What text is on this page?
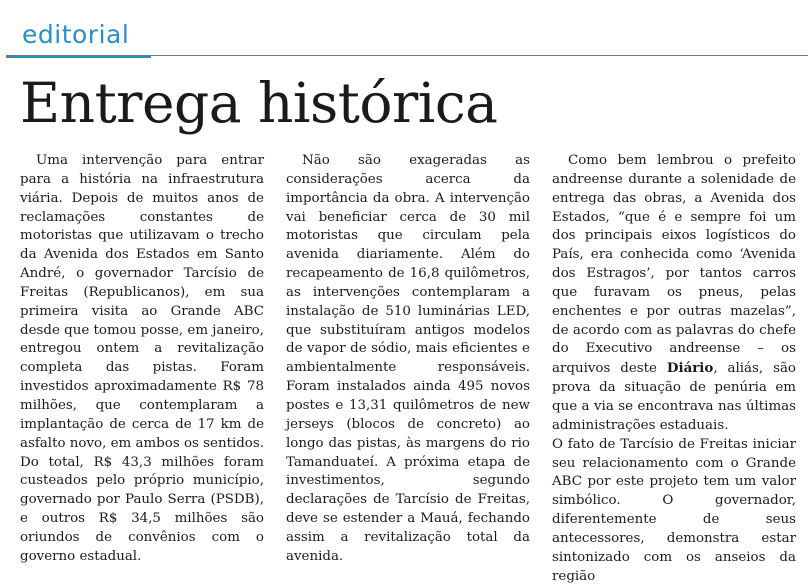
editorial
Entrega histórica

Uma intervenção para entrar para a história na infraestrutura viária. Depois de muitos anos de reclamações constantes de motoristas que utilizavam o trecho da Avenida dos Estados em Santo André, o governador Tarcísio de Freitas (Republicanos), em sua primeira visita ao Grande ABC desde que tomou posse, em janeiro, entregou ontem a revitalização completa das pistas. Foram investidos aproximadamente R$ 78 milhões, que contemplaram a implantação de cerca de 17 km de asfalto novo, em ambos os sentidos. Do total, R$ 43,3 milhões foram custeados pelo próprio município, governado por Paulo Serra (PSDB), e outros R$ 34,5 milhões são oriundos de convênios com o governo estadual.

Não são exageradas as considerações acerca da importância da obra. A intervenção vai beneficiar cerca de 30 mil motoristas que circulam pela avenida diariamente. Além do recapeamento de 16,8 quilômetros, as intervenções contemplaram a instalação de 510 luminárias LED, que substituíram antigos modelos de vapor de sódio, mais eficientes e ambientalmente responsáveis. Foram instalados ainda 495 novos postes e 13,31 quilômetros de new jerseys (blocos de concreto) ao longo das pistas, às margens do rio Tamanduateí. A próxima etapa de investimentos, segundo declarações de Tarcísio de Freitas, deve se estender a Mauá, fechando assim a revitalização total da avenida.

Como bem lembrou o prefeito andreense durante a solenidade de entrega das obras, a Avenida dos Estados, “que é e sempre foi um dos principais eixos logísticos do País, era conhecida como ‘Avenida dos Estragos’, por tantos carros que furavam os pneus, pelas enchentes e por outras mazelas”, de acordo com as palavras do chefe do Executivo andreense – os arquivos deste Diário, aliás, são prova da situação de penúria em que a via se encontrava nas últimas administrações estaduais.

O fato de Tarcísio de Freitas iniciar seu relacionamento com o Grande ABC por este projeto tem um valor simbólico. O governador, diferentemente de seus antecessores, demonstra estar sintonizado com os anseios da região
